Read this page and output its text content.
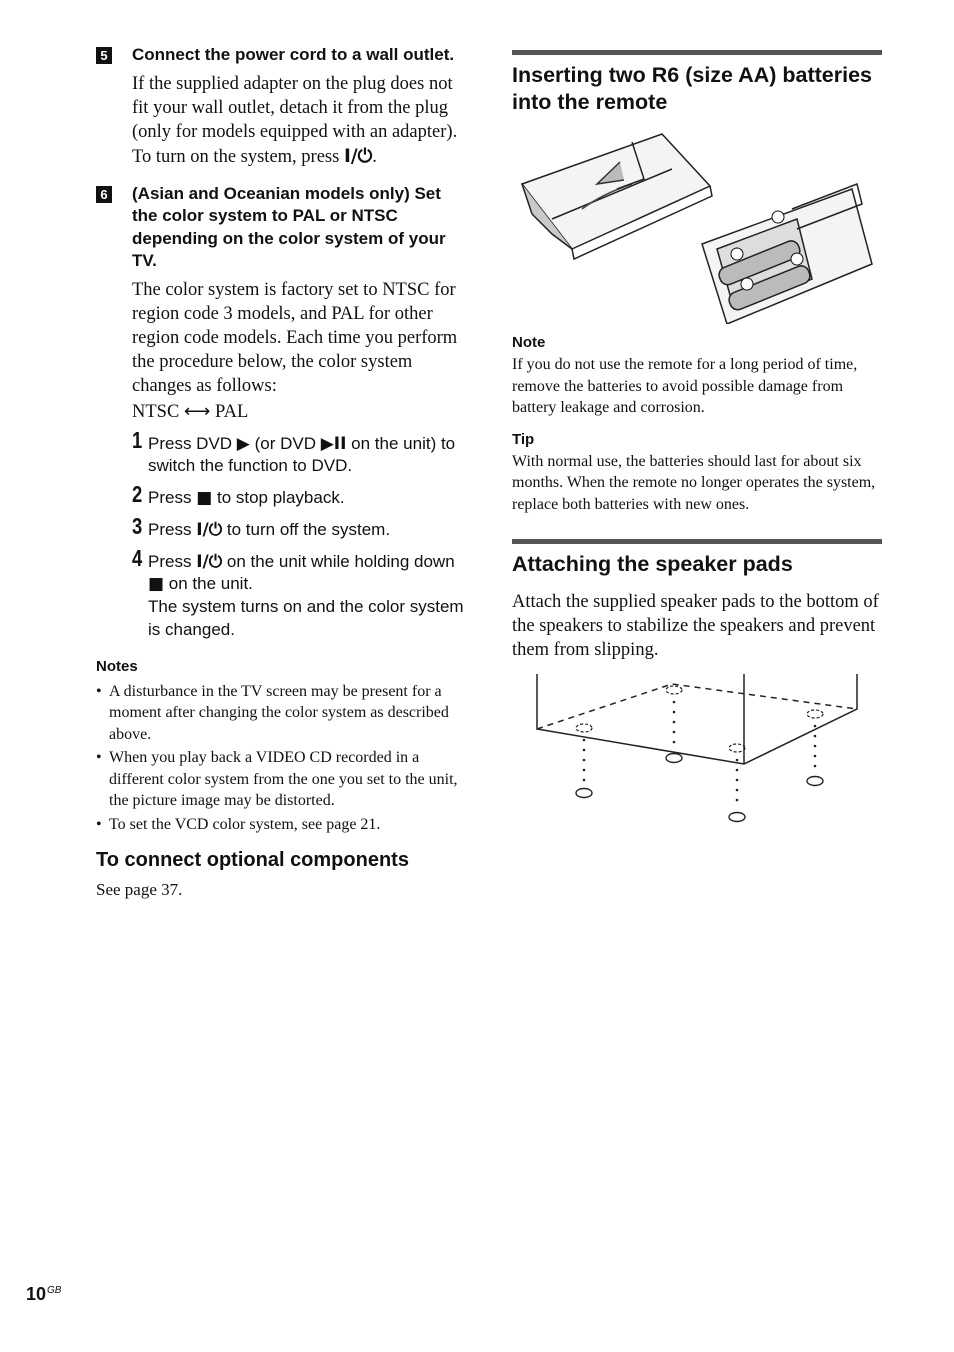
5 Connect the power cord to a wall outlet.
If the supplied adapter on the plug does not fit your wall outlet, detach it from the plug (only for models equipped with an adapter).
To turn on the system, press I/⏻.
6 (Asian and Oceanian models only) Set the color system to PAL or NTSC depending on the color system of your TV.
The color system is factory set to NTSC for region code 3 models, and PAL for other region code models. Each time you perform the procedure below, the color system changes as follows:
NTSC ⟷ PAL
1 Press DVD ▶ (or DVD ▶II on the unit) to switch the function to DVD.
2 Press ■ to stop playback.
3 Press I/⏻ to turn off the system.
4 Press I/⏻ on the unit while holding down ■ on the unit.
The system turns on and the color system is changed.
Notes
• A disturbance in the TV screen may be present for a moment after changing the color system as described above.
• When you play back a VIDEO CD recorded in a different color system from the one you set to the unit, the picture image may be distorted.
• To set the VCD color system, see page 21.
To connect optional components
See page 37.
Inserting two R6 (size AA) batteries into the remote
Note
If you do not use the remote for a long period of time, remove the batteries to avoid possible damage from battery leakage and corrosion.
Tip
With normal use, the batteries should last for about six months. When the remote no longer operates the system, replace both batteries with new ones.
Attaching the speaker pads
Attach the supplied speaker pads to the bottom of the speakers to stabilize the speakers and prevent them from slipping.
$10^{GB}$
